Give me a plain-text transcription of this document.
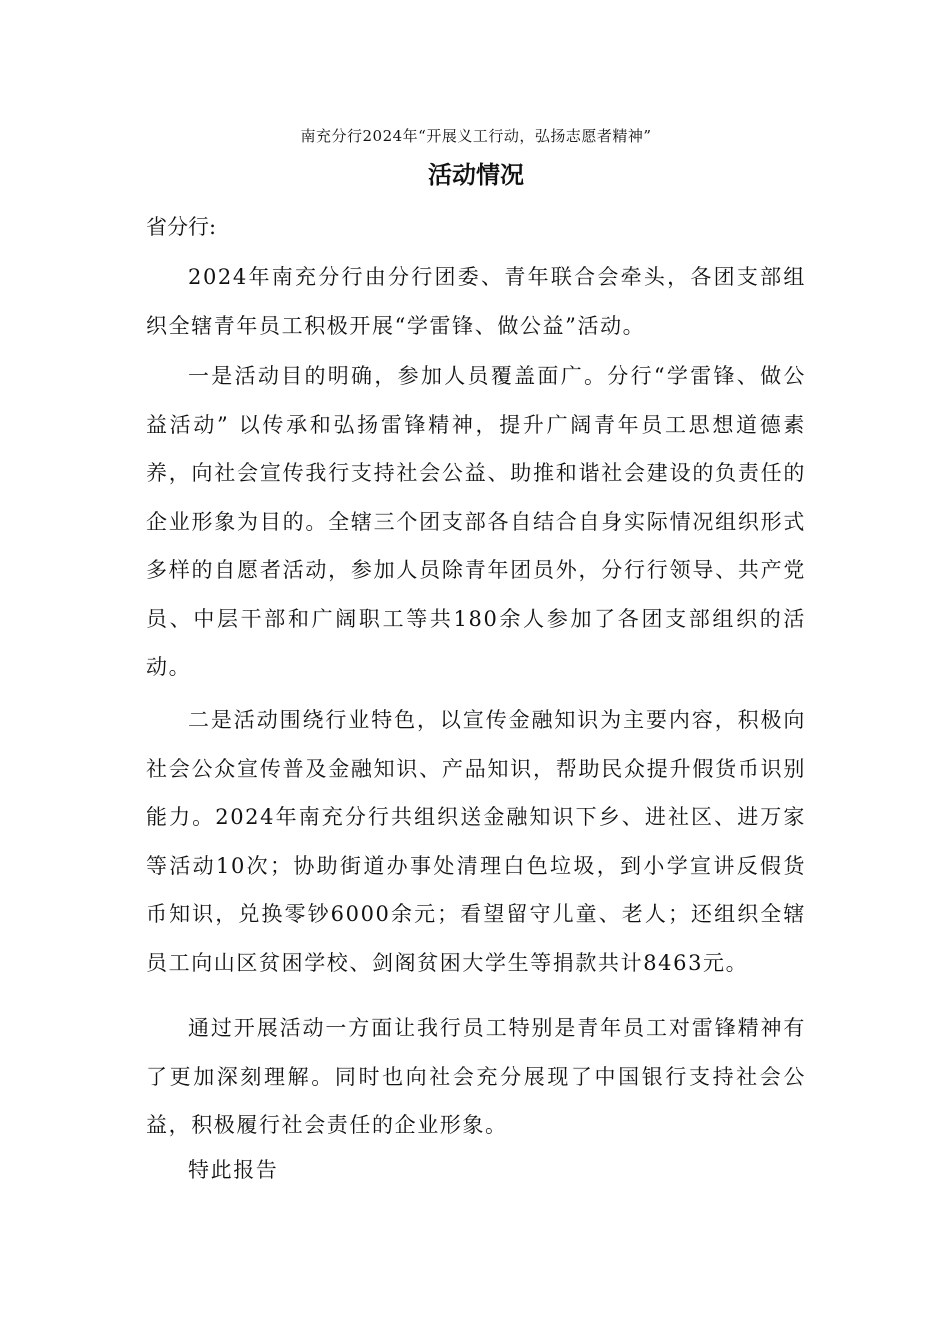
南充分行2024年“开展义工行动，弘扬志愿者精神”
活动情况
省分行:

2024年南充分行由分行团委、青年联合会牵头，各团支部组织全辖青年员工积极开展“学雷锋、做公益”活动。

一是活动目的明确，参加人员覆盖面广。分行“学雷锋、做公益活动” 以传承和弘扬雷锋精神，提升广阔青年员工思想道德素养，向社会宣传我行支持社会公益、助推和谐社会建设的负责任的企业形象为目的。全辖三个团支部各自结合自身实际情况组织形式多样的自愿者活动，参加人员除青年团员外，分行行领导、共产党员、中层干部和广阔职工等共180余人参加了各团支部组织的活动。

二是活动围绕行业特色，以宣传金融知识为主要内容，积极向社会公众宣传普及金融知识、产品知识，帮助民众提升假货币识别能力。2024年南充分行共组织送金融知识下乡、进社区、进万家等活动10次；协助街道办事处清理白色垃圾，到小学宣讲反假货币知识，兑换零钞6000余元；看望留守儿童、老人；还组织全辖员工向山区贫困学校、剑阁贫困大学生等捐款共计8463元。

通过开展活动一方面让我行员工特别是青年员工对雷锋精神有了更加深刻理解。同时也向社会充分展现了中国银行支持社会公益，积极履行社会责任的企业形象。

特此报告
